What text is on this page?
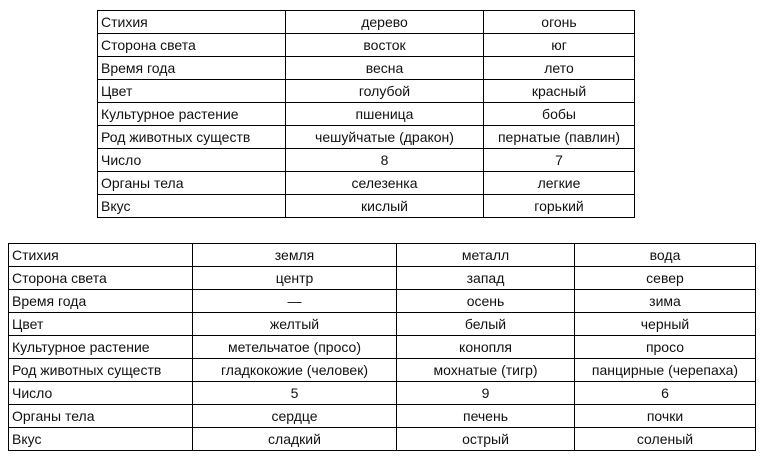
Стихия	дерево	огонь
Сторона света	восток	юг
Время года	весна	лето
Цвет	голубой	красный
Культурное растение	пшеница	бобы
Род животных существ	чешуйчатые (дракон)	пернатые (павлин)
Число	8	7
Органы тела	селезенка	легкие
Вкус	кислый	горький
Стихия	земля	металл	вода
Сторона света	центр	запад	север
Время года	—	осень	зима
Цвет	желтый	белый	черный
Культурное растение	метельчатое (просо)	конопля	просо
Род животных существ	гладкокожие (человек)	мохнатые (тигр)	панцирные (черепаха)
Число	5	9	6
Органы тела	сердце	печень	почки
Вкус	сладкий	острый	соленый
